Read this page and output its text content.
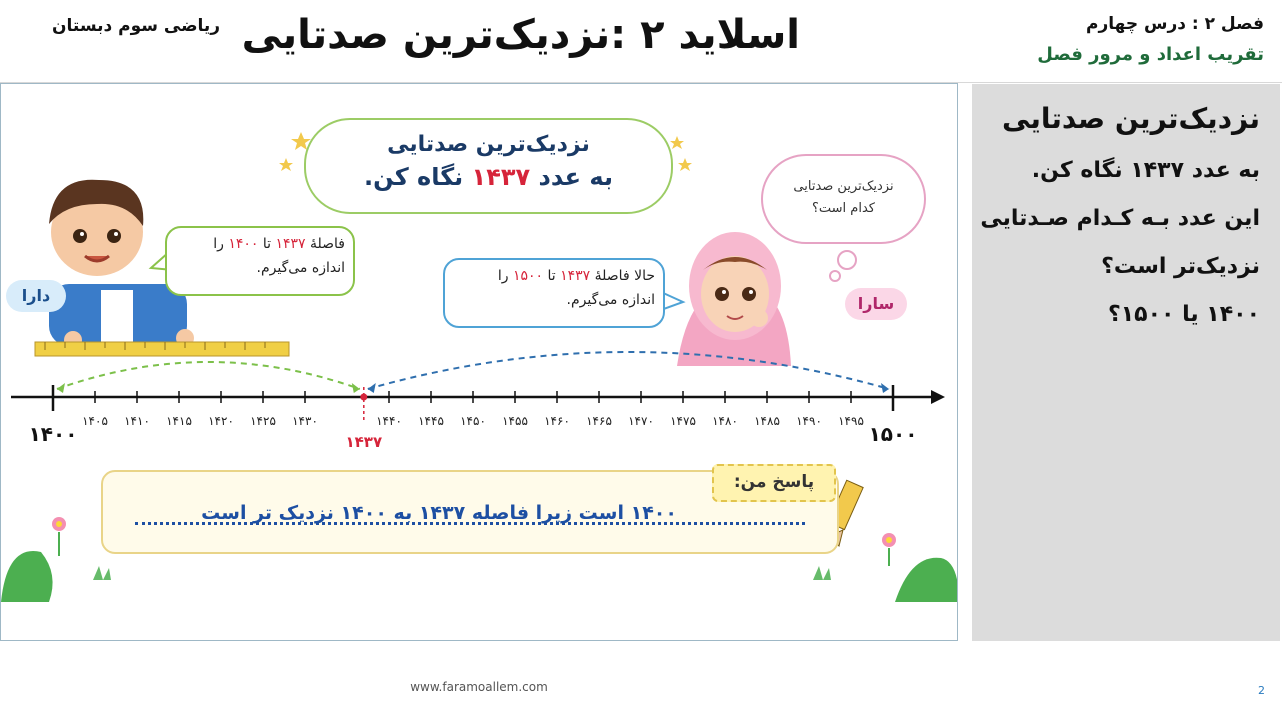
ریاضی سوم دبستان اسلاید ۲ :نزدیک‌ترین صدتایی	فصل ۲ : درس چهارم
تقریب اعداد و مرور فصل
۱۴۰۰	۱۵۰۰
۱۴۰۵ ۱۴۱۰ ۱۴۱۵ ۱۴۲۰ ۱۴۲۵ ۱۴۳۰	۱۴۴۰ ۱۴۴۵ ۱۴۵۰ ۱۴۵۵ ۱۴۶۰ ۱۴۶۵ ۱۴۷۰ ۱۴۷۵ ۱۴۸۰ ۱۴۸۵ ۱۴۹۰ ۱۴۹۵
۱۴۳۷
نزدیک‌ترین صدتایی
به عدد ۱۴۳۷ نگاه کن.
فاصلهٔ ۱۴۳۷ تا ۱۴۰۰ را
اندازه می‌گیرم.	حالا فاصلهٔ ۱۴۳۷ تا ۱۵۰۰ را
اندازه می‌گیرم.
نزدیک‌ترین صدتایی
کدام است؟
دارا	سارا
پاسخ من:
۱۴۰۰ است زیرا فاصله ۱۴۳۷ به ۱۴۰۰ نزدیک تر است

نزدیک‌ترین صدتایی

به عدد ۱۴۳۷ نگاه کن.

این عدد بـه کـدام صـدتایی

نزدیک‌تر است؟

۱۴۰۰ یا ۱۵۰۰؟

www.faramoallem.com	2
